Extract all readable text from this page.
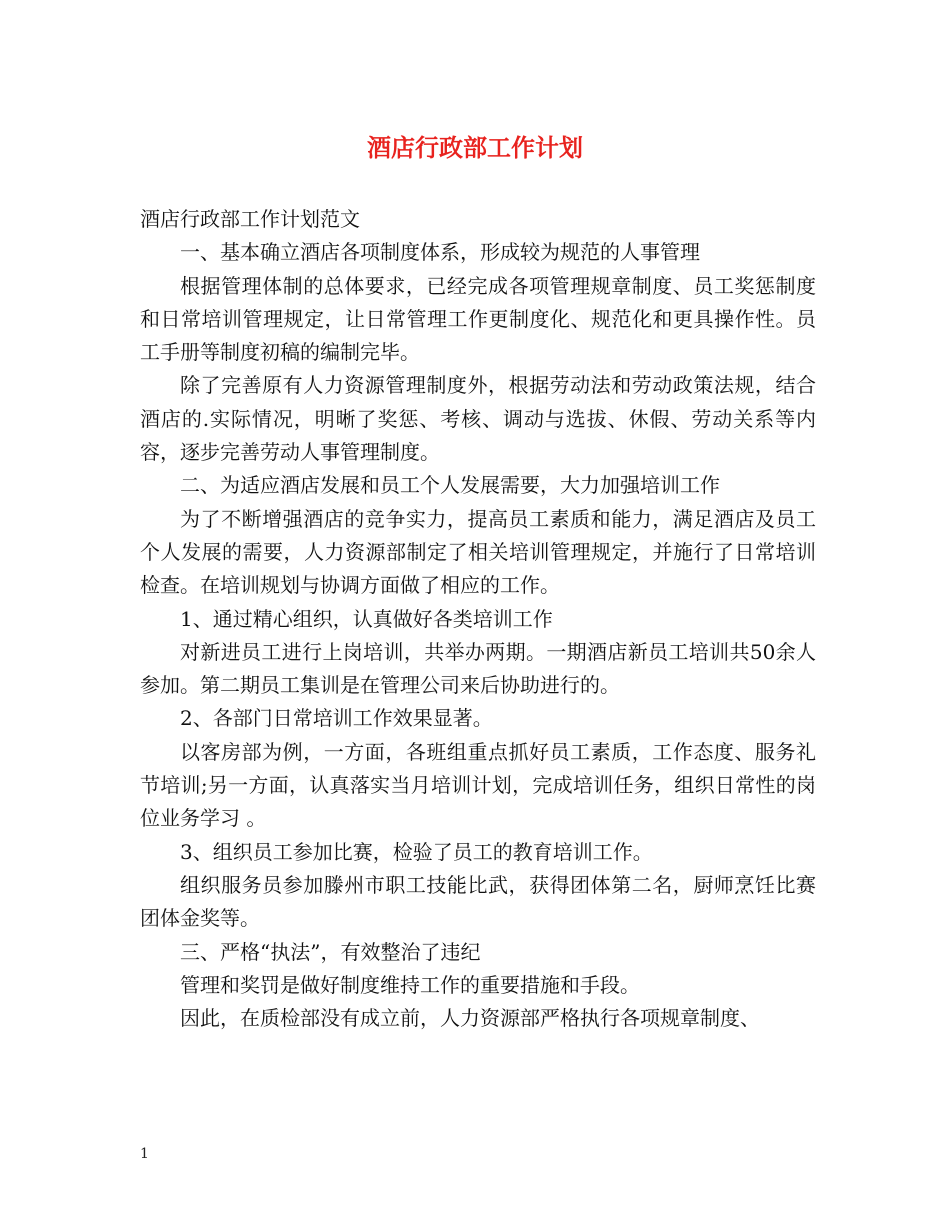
酒店行政部工作计划

酒店行政部工作计划范文

一、基本确立酒店各项制度体系，形成较为规范的人事管理

根据管理体制的总体要求，已经完成各项管理规章制度、员工奖惩制度和日常培训管理规定，让日常管理工作更制度化、规范化和更具操作性。员工手册等制度初稿的编制完毕。

除了完善原有人力资源管理制度外，根据劳动法和劳动政策法规，结合酒店的.实际情况，明晰了奖惩、考核、调动与选拔、休假、劳动关系等内容，逐步完善劳动人事管理制度。

二、为适应酒店发展和员工个人发展需要，大力加强培训工作

为了不断增强酒店的竞争实力，提高员工素质和能力，满足酒店及员工个人发展的需要，人力资源部制定了相关培训管理规定，并施行了日常培训检查。在培训规划与协调方面做了相应的工作。

1、通过精心组织，认真做好各类培训工作

对新进员工进行上岗培训，共举办两期。一期酒店新员工培训共50余人参加。第二期员工集训是在管理公司来后协助进行的。

2、各部门日常培训工作效果显著。

以客房部为例，一方面，各班组重点抓好员工素质，工作态度、服务礼节培训;另一方面，认真落实当月培训计划，完成培训任务，组织日常性的岗位业务学习 。

3、组织员工参加比赛，检验了员工的教育培训工作。

组织服务员参加滕州市职工技能比武，获得团体第二名，厨师烹饪比赛团体金奖等。

三、严格“执法”，有效整治了违纪

管理和奖罚是做好制度维持工作的重要措施和手段。

因此，在质检部没有成立前，人力资源部严格执行各项规章制度、

1
